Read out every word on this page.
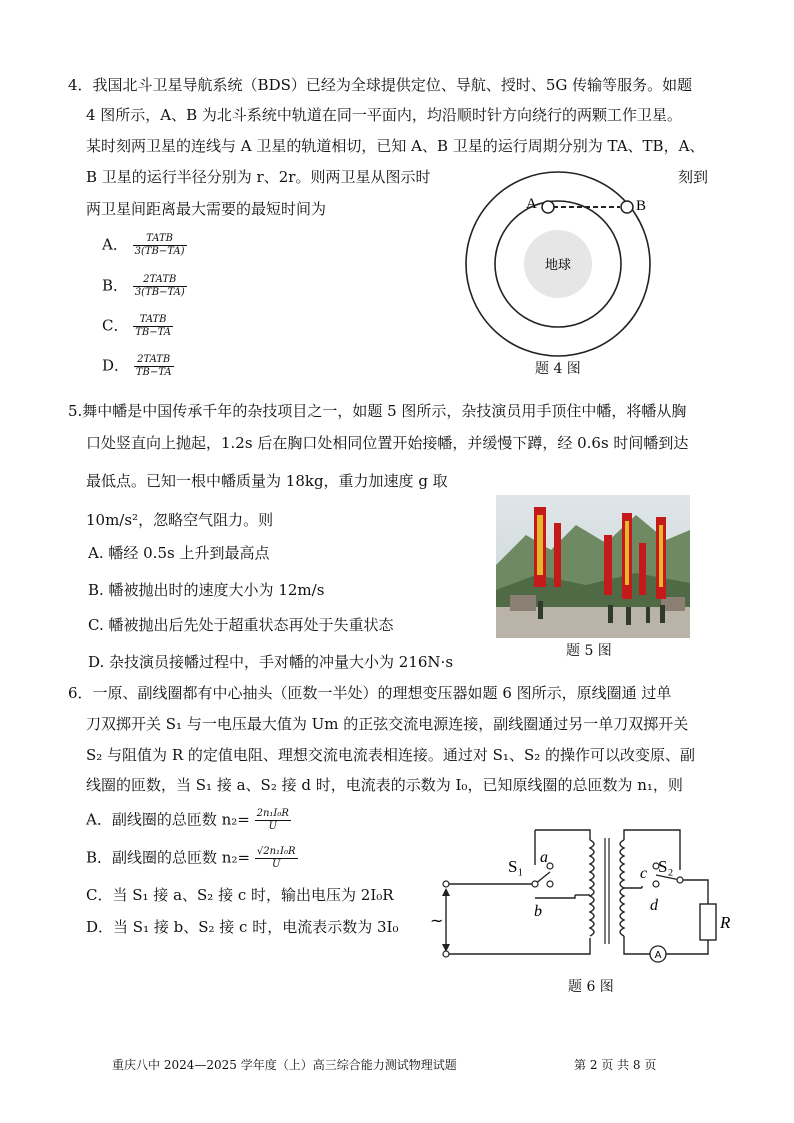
4．我国北斗卫星导航系统（BDS）已经为全球提供定位、导航、授时、5G 传输等服务。如题
4 图所示，A、B 为北斗系统中轨道在同一平面内，均沿顺时针方向绕行的两颗工作卫星。
某时刻两卫星的连线与 A 卫星的轨道相切，已知 A、B 卫星的运行周期分别为 TA、TB，A、
B 卫星的运行半径分别为 r、2r。则两卫星从图示时	刻到
两卫星间距离最大需要的最短时间为
A． $\frac{\text{TATB}}{3(TB-TA)}$
B． $\frac{\text{2TATB}}{3(TB-TA)}$
C． $\frac{\text{TATB}}{TB-TA}$
D． $\frac{\text{2TATB}}{TB-TA}$
地球
A	B
题 4 图
5.舞中幡是中国传承千年的杂技项目之一，如题 5 图所示，杂技演员用手顶住中幡，将幡从胸
口处竖直向上抛起，1.2s 后在胸口处相同位置开始接幡，并缓慢下蹲，经 0.6s 时间幡到达
最低点。已知一根中幡质量为 18kg，重力加速度 g 取
10m/s²，忽略空气阻力。则
A. 幡经 0.5s 上升到最高点
B. 幡被抛出时的速度大小为 12m/s
C. 幡被抛出后先处于超重状态再处于失重状态
D. 杂技演员接幡过程中，手对幡的冲量大小为 216N·s
题 5 图
6．一原、副线圈都有中心抽头（匝数一半处）的理想变压器如题 6 图所示，原线圈通 过单
刀双掷开关 S₁ 与一电压最大值为 Um 的正弦交流电源连接，副线圈通过另一单刀双掷开关
S₂ 与阻值为 R 的定值电阻、理想交流电流表相连接。通过对 S₁、S₂ 的操作可以改变原、副
线圈的匝数，当 S₁ 接 a、S₂ 接 d 时，电流表的示数为 I₀，已知原线圈的总匝数为 n₁，则
A．副线圈的总匝数 $n_2= \frac{\text{2n₁I₀R}}{U}$
B．副线圈的总匝数 $n_2= \frac{\text{√2n₁I₀R}}{U}$
C．当 S₁ 接 a、S₂ 接 c 时，输出电压为 2I₀R
D．当 S₁ 接 b、S₂ 接 c 时，电流表示数为 3I₀
A
S₁ a
b
c
d
S₂
R
~
题 6 图
重庆八中 2024—2025 学年度（上）高三综合能力测试物理试题	第 2 页 共 8 页
